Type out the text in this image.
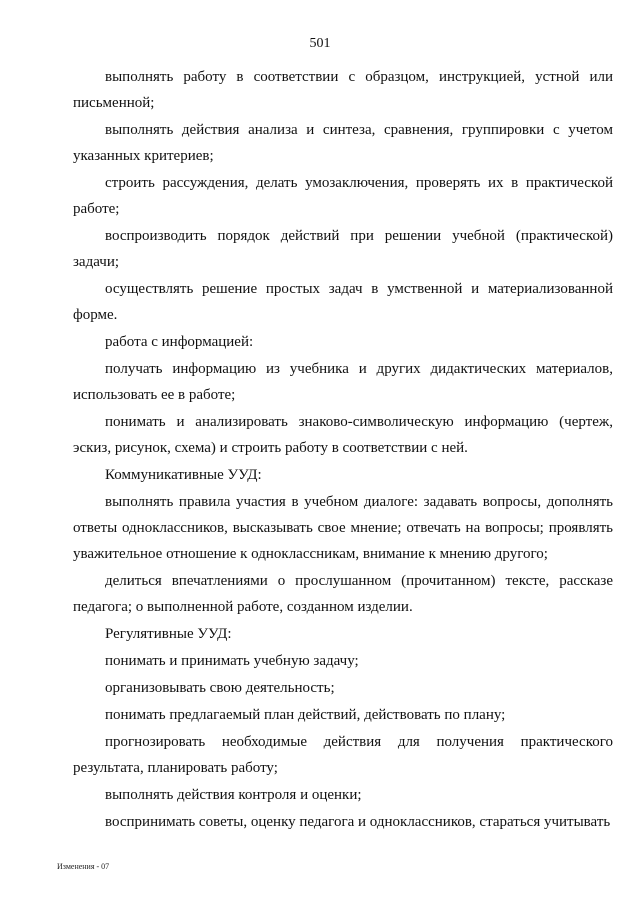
501

выполнять работу в соответствии с образцом, инструкцией, устной или письменной;

выполнять действия анализа и синтеза, сравнения, группировки с учетом указанных критериев;

строить рассуждения, делать умозаключения, проверять их в практической работе;

воспроизводить порядок действий при решении учебной (практической) задачи;

осуществлять решение простых задач в умственной и материализованной форме.

работа с информацией:

получать информацию из учебника и других дидактических материалов, использовать ее в работе;

понимать и анализировать знаково-символическую информацию (чертеж, эскиз, рисунок, схема) и строить работу в соответствии с ней.

Коммуникативные УУД:

выполнять правила участия в учебном диалоге: задавать вопросы, дополнять ответы одноклассников, высказывать свое мнение; отвечать на вопросы; проявлять уважительное отношение к одноклассникам, внимание к мнению другого;

делиться впечатлениями о прослушанном (прочитанном) тексте, рассказе педагога; о выполненной работе, созданном изделии.

Регулятивные УУД:

понимать и принимать учебную задачу;

организовывать свою деятельность;

понимать предлагаемый план действий, действовать по плану;

прогнозировать необходимые действия для получения практического результата, планировать работу;

выполнять действия контроля и оценки;

воспринимать советы, оценку педагога и одноклассников, стараться учитывать

Изменения - 07
